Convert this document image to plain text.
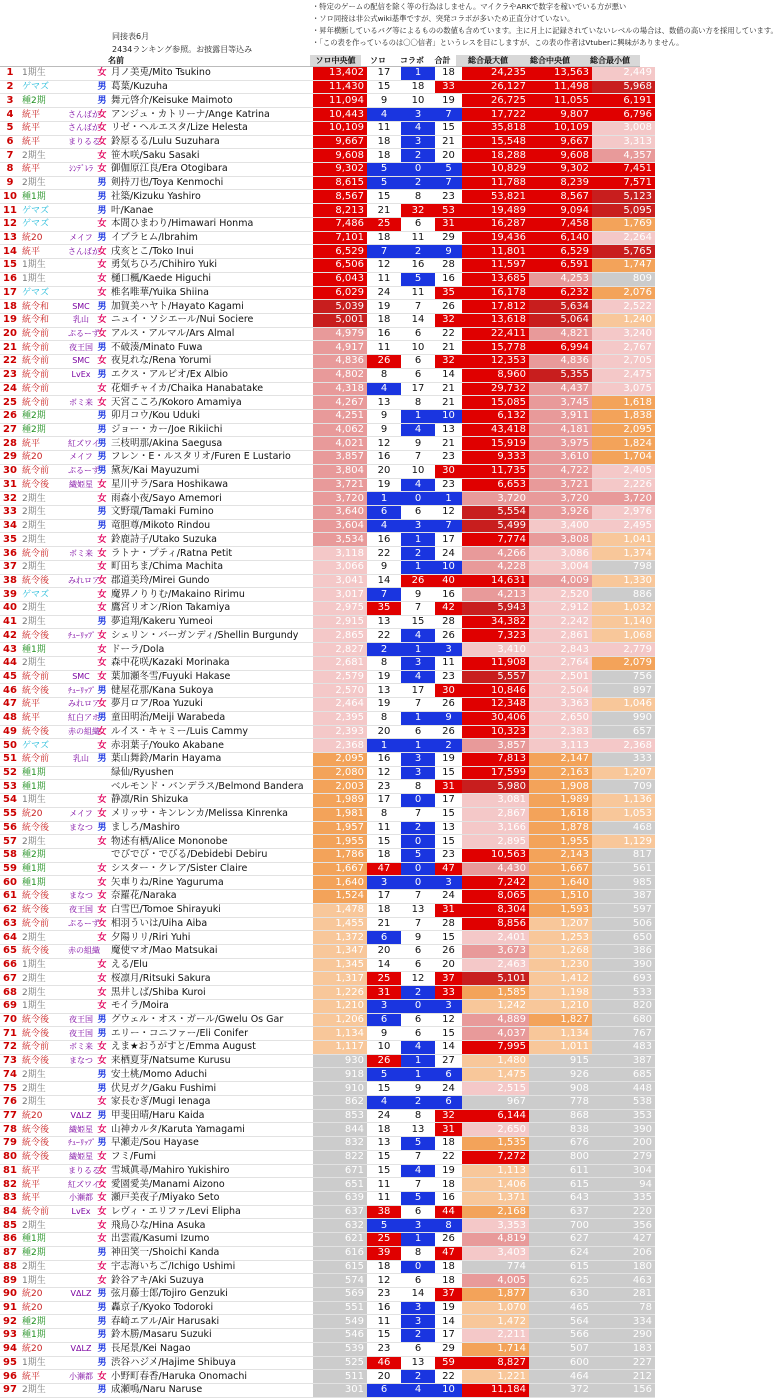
同接表6月
2434ランキング参照。お披露目等込み
・特定のゲームの配信を除く等の行為はしません。マイクラやARKで数字を稼いでいる方が悪い
・ソロ同接は非公式wiki基準ですが、突発コラボが多いため正直分けていない。
・昇年横断しているバグ等によるものの数値も含めています。主に月上に記録されていないレベルの場合は、数値の高い方を採用しています。
・「この表を作っているのは〇〇信者」というレスを目にしますが、この表の作者はVtuberに興味がありません。
名前	ソロ中央値	ソロ	コラボ	合計	総合最大値	総合中央値	総合最小値
1	1期生		女	月ノ美兎/Mito Tsukino	13,402	17	1	18	24,235	13,563	2,449
2	ゲマズ		男	葛葉/Kuzuha	11,430	15	18	33	26,127	11,498	5,968
3	種2期		男	舞元啓介/Keisuke Maimoto	11,094	9	10	19	26,725	11,055	6,191
4	統平	さんばか	女	アンジュ・カトリーナ/Ange Katrina	10,443	4	3	7	17,722	9,807	6,796
5	統平	さんばか	女	リゼ・ヘルエスタ/Lize Helesta	10,109	11	4	15	35,818	10,109	3,008
6	統平	まりるる	女	鈴原るる/Lulu Suzuhara	9,667	18	3	21	15,548	9,667	3,313
7	2期生		女	笹木咲/Saku Sasaki	9,608	18	2	20	18,288	9,608	4,357
8	統平	ｼﾝﾃﾞﾚﾗ	女	御伽原江良/Era Otogibara	9,302	5	0	5	10,829	9,302	7,451
9	2期生		男	剣持刀也/Toya Kenmochi	8,615	5	2	7	11,788	8,239	7,571
10	種1期		男	社築/Kizuku Yashiro	8,567	15	8	23	53,821	8,567	5,123
11	ゲマズ		男	叶/Kanae	8,213	21	32	53	19,489	9,094	5,095
12	ゲマズ		女	本間ひまわり/Himawari Honma	7,486	25	6	31	16,287	7,458	1,769
13	統20	メイフ	男	イブラヒム/Ibrahim	7,101	18	11	29	19,436	6,140	2,264
14	統平	さんばか	女	戌亥とこ/Toko Inui	6,529	7	2	9	11,801	6,529	5,765
15	1期生		女	勇気ちひろ/Chihiro Yuki	6,506	12	16	28	11,597	6,591	1,747
16	1期生		女	樋口楓/Kaede Higuchi	6,043	11	5	16	13,685	4,253	809
17	ゲマズ		女	椎名唯華/Yuika Shiina	6,029	24	11	35	16,178	6,232	2,076
18	統令和	SMC	男	加賀美ハヤト/Hayato Kagami	5,039	19	7	26	17,812	5,634	2,522
19	統令和	乳山	女	ニュイ・ソシエール/Nui Sociere	5,001	18	14	32	13,618	5,064	1,240
20	統令前	ぷるーず	女	アルス・アルマル/Ars Almal	4,979	16	6	22	22,411	4,821	3,240
21	統令前	夜王国	男	不破湊/Minato Fuwa	4,917	11	10	21	15,778	6,994	2,767
22	統令前	SMC	女	夜見れな/Rena Yorumi	4,836	26	6	32	12,353	4,836	2,705
23	統令前	LvEx	男	エクス・アルビオ/Ex Albio	4,802	8	6	14	8,960	5,355	2,475
24	統令前		女	花畑チャイカ/Chaika Hanabatake	4,318	4	17	21	29,732	4,437	3,075
25	統令前	ボミ来	女	天宮こころ/Kokoro Amamiya	4,267	13	8	21	15,085	3,745	1,618
26	種2期		男	卯月コウ/Kou Uduki	4,251	9	1	10	6,132	3,911	1,838
27	種2期		男	ジョー・カー/Joe Rikiichi	4,062	9	4	13	43,418	4,181	2,095
28	統平	紅ズワイ	男	三枝明那/Akina Saegusa	4,021	12	9	21	15,919	3,975	1,824
29	統20	メイフ	男	フレン・E・ルスタリオ/Furen E Lustario	3,857	16	7	23	9,333	3,610	1,704
30	統令前	ぷるーず	男	黛灰/Kai Mayuzumi	3,804	20	10	30	11,735	4,722	2,405
31	統令後	繊姫星	女	星川サラ/Sara Hoshikawa	3,721	19	4	23	6,653	3,721	2,226
32	2期生		女	雨森小夜/Sayo Amemori	3,720	1	0	1	3,720	3,720	3,720
33	2期生		男	文野環/Tamaki Fumino	3,640	6	6	12	5,554	3,926	2,976
34	2期生		男	竜胆尊/Mikoto Rindou	3,604	4	3	7	5,499	3,400	2,495
35	2期生		女	鈴鹿詩子/Utako Suzuka	3,534	16	1	17	7,774	3,808	1,041
36	統令前	ボミ来	女	ラトナ・プティ/Ratna Petit	3,118	22	2	24	4,266	3,086	1,374
37	2期生		女	町田ちま/Chima Machita	3,066	9	1	10	4,228	3,004	798
38	統令後	みれロア	女	郡道美玲/Mirei Gundo	3,041	14	26	40	14,631	4,009	1,330
39	ゲマズ		女	魔界ノりりむ/Makaino Ririmu	3,017	7	9	16	4,213	2,520	886
40	2期生		女	鷹宮リオン/Rion Takamiya	2,975	35	7	42	5,943	2,912	1,032
41	2期生		男	夢追翔/Kakeru Yumeoi	2,915	13	15	28	34,382	2,242	1,140
42	統令後	ﾁｭｰﾘｯﾌﾟ	女	シェリン・バーガンディ/Shellin Burgundy	2,865	22	4	26	7,323	2,861	1,068
43	種1期		女	ドーラ/Dola	2,827	2	1	3	3,410	2,843	2,779
44	2期生		女	森中花咲/Kazaki Morinaka	2,681	8	3	11	11,908	2,764	2,079
45	統令前	SMC	女	葉加瀬冬雪/Fuyuki Hakase	2,579	19	4	23	5,557	2,501	756
46	統令後	ﾁｭｰﾘｯﾌﾟ	男	健屋花那/Kana Sukoya	2,570	13	17	30	10,846	2,504	897
47	統平	みれロア	女	夢月ロア/Roa Yuzuki	2,464	19	7	26	12,348	3,363	1,046
48	統平	紅白アホ	男	童田明治/Meiji Warabeda	2,395	8	1	9	30,406	2,650	990
49	統令後	赤の組織	女	ルイス・キャミー/Luis Cammy	2,393	20	6	26	10,323	2,383	657
50	ゲマズ		女	赤羽葉子/Youko Akabane	2,368	1	1	2	3,857	3,113	2,368
51	統令前	乳山	男	葉山舞鈴/Marin Hayama	2,095	16	3	19	7,813	2,147	333
52	種1期			緑仙/Ryushen	2,080	12	3	15	17,599	2,163	1,207
53	種1期			ベルモンド・バンデラス/Belmond Bandera	2,003	23	8	31	5,980	1,908	709
54	1期生		女	静凛/Rin Shizuka	1,989	17	0	17	3,081	1,989	1,136
55	統20	メイフ	女	メリッサ・キンレンカ/Melissa Kinrenka	1,981	8	7	15	2,867	1,618	1,053
56	統令後	まなつ	男	ましろ/Mashiro	1,957	11	2	13	3,166	1,878	468
57	2期生		女	物述有栖/Alice Mononobe	1,955	15	0	15	2,895	1,955	1,129
58	種2期			でびでび・でびる/Debidebi Debiru	1,786	18	5	23	10,563	2,143	817
59	種1期		女	シスター・クレア/Sister Claire	1,667	47	0	47	4,430	1,667	561
60	種1期		女	矢車りね/Rine Yaguruma	1,640	3	0	3	7,242	1,640	985
61	統令後	まなつ	女	奈羅花/Naraka	1,524	17	7	24	8,065	1,510	387
62	統令後	夜王国	女	白雪巴/Tomoe Shirayuki	1,478	18	13	31	8,304	1,593	597
63	統令前	ぷるーず	女	相羽ういは/Uiha Aiba	1,455	21	7	28	8,856	1,207	506
64	2期生		女	夕陽リリ/Riri Yuhi	1,372	6	9	15	2,401	1,253	650
65	統令後	赤の組織		魔使マオ/Mao Matsukai	1,347	20	6	26	3,673	1,268	386
66	1期生		女	える/Elu	1,345	14	6	20	2,463	1,230	390
67	2期生		女	桜凛月/Ritsuki Sakura	1,317	25	12	37	5,101	1,412	693
68	2期生		女	黒井しば/Shiba Kuroi	1,226	31	2	33	1,585	1,198	533
69	1期生		女	モイラ/Moira	1,210	3	0	3	1,242	1,210	820
70	統令後	夜王国	男	グウェル・オス・ガール/Gwelu Os Gar	1,206	6	6	12	4,889	1,827	680
71	統令後	夜王国	男	エリー・コニファー/Eli Conifer	1,134	9	6	15	4,037	1,134	767
72	統令前	ボミ来	女	えま★おうがすと/Emma August	1,117	10	4	14	7,995	1,011	483
73	統令後	まなつ	女	来栖夏芽/Natsume Kurusu	930	26	1	27	1,480	915	387
74	2期生		男	安土桃/Momo Aduchi	918	5	1	6	1,475	926	685
75	2期生		男	伏見ガク/Gaku Fushimi	910	15	9	24	2,515	908	448
76	2期生		女	家長むぎ/Mugi Ienaga	862	4	2	6	967	778	538
77	統20	VΔLZ	男	甲斐田晴/Haru Kaida	853	24	8	32	6,144	868	353
78	統令後	繊姫星	女	山神カルタ/Karuta Yamagami	844	18	13	31	2,650	838	390
79	統令後	ﾁｭｰﾘｯﾌﾟ	男	早瀬走/Sou Hayase	832	13	5	18	1,535	676	200
80	統令後	繊姫星	女	フミ/Fumi	822	15	7	22	7,272	800	279
81	統平	まりるる	女	雪城眞尋/Mahiro Yukishiro	671	15	4	19	1,113	611	304
82	統平	紅ズワイ	女	愛園愛美/Manami Aizono	651	11	7	18	1,406	615	94
83	統平	小瀬都	女	瀬戸美夜子/Miyako Seto	639	11	5	16	1,371	643	335
84	統令前	LvEx	女	レヴィ・エリファ/Levi Elipha	637	38	6	44	2,168	637	220
85	2期生		女	飛鳥ひな/Hina Asuka	632	5	3	8	3,353	700	356
86	種1期		女	出雲霞/Kasumi Izumo	621	25	1	26	4,819	627	427
87	種2期		男	神田笑一/Shoichi Kanda	616	39	8	47	3,403	624	206
88	2期生		女	宇志海いちご/Ichigo Ushimi	615	18	0	18	774	615	180
89	1期生		女	鈴谷アキ/Aki Suzuya	574	12	6	18	4,005	625	463
90	統20	VΔLZ	男	弦月藤士郎/Tojiro Genzuki	569	23	14	37	1,877	630	281
91	統20		男	轟京子/Kyoko Todoroki	551	16	3	19	1,070	465	78
92	種2期		男	春崎エアル/Air Harusaki	549	11	3	14	1,472	564	334
93	種1期		男	鈴木勝/Masaru Suzuki	546	15	2	17	2,211	566	290
94	統20	VΔLZ	男	長尾景/Kei Nagao	539	23	6	29	1,714	507	183
95	1期生		男	渋谷ハジメ/Hajime Shibuya	525	46	13	59	8,827	600	227
96	統平	小瀬都	女	小野町春香/Haruka Onomachi	511	20	2	22	1,221	464	212
97	2期生		男	成瀬鳴/Naru Naruse	301	6	4	10	11,184	372	156
